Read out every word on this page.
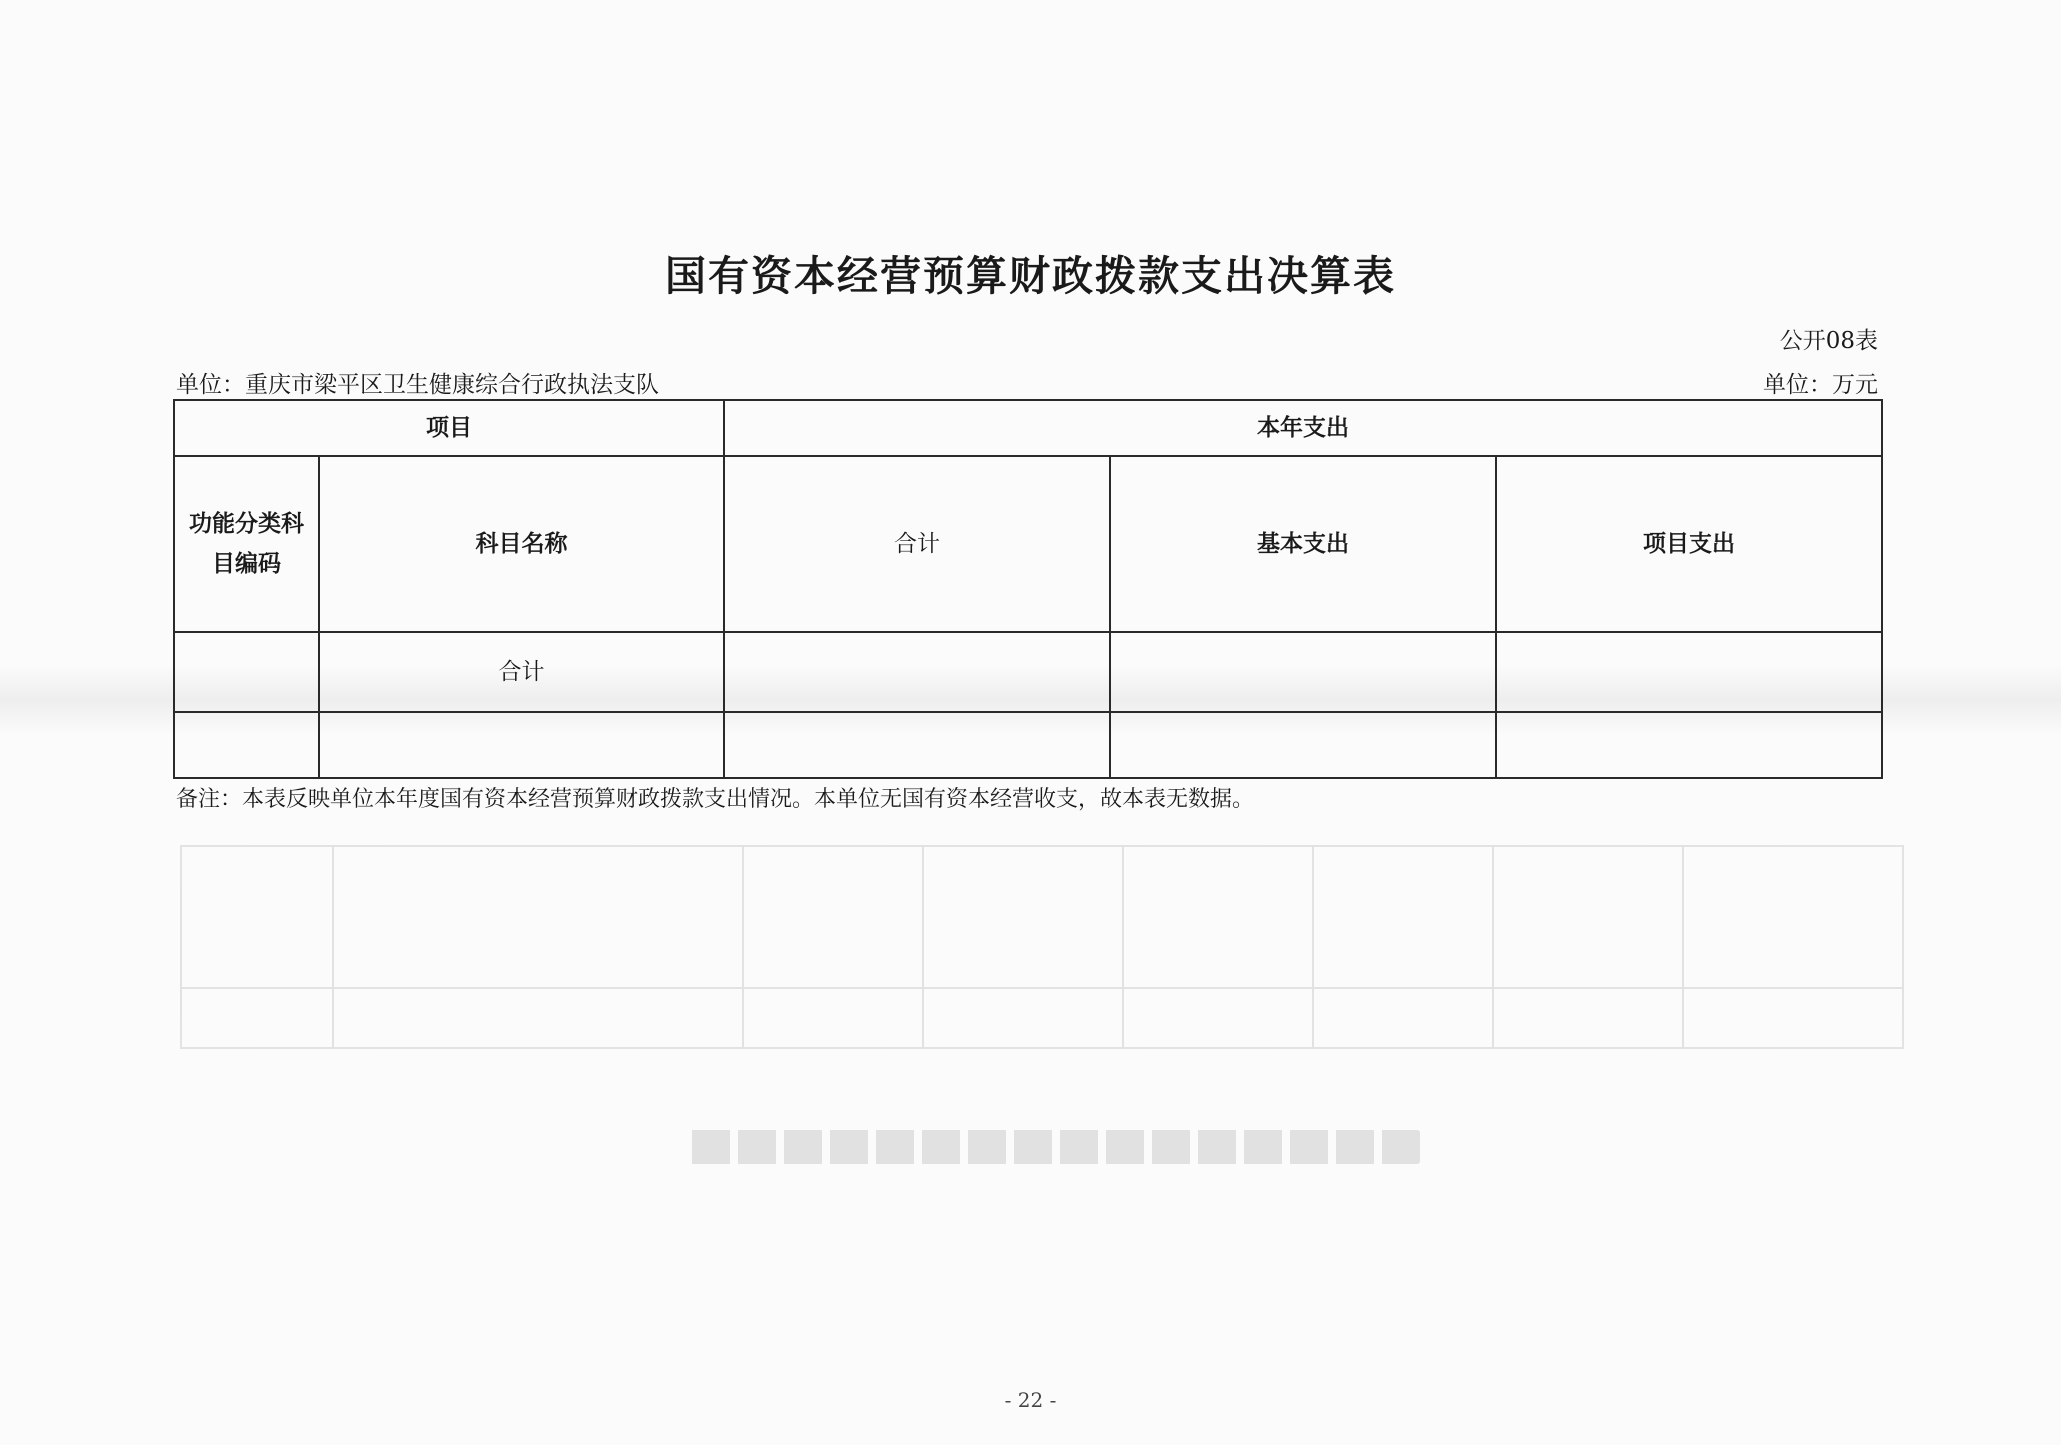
国有资本经营预算财政拨款支出决算表
公开08表
单位：重庆市梁平区卫生健康综合行政执法支队	单位：万元
项目		本年支出		
功能分类科目编码	科目名称	合计	基本支出	项目支出
	合计			

备注：本表反映单位本年度国有资本经营预算财政拨款支出情况。本单位无国有资本经营收支，故本表无数据。
- 22 -
